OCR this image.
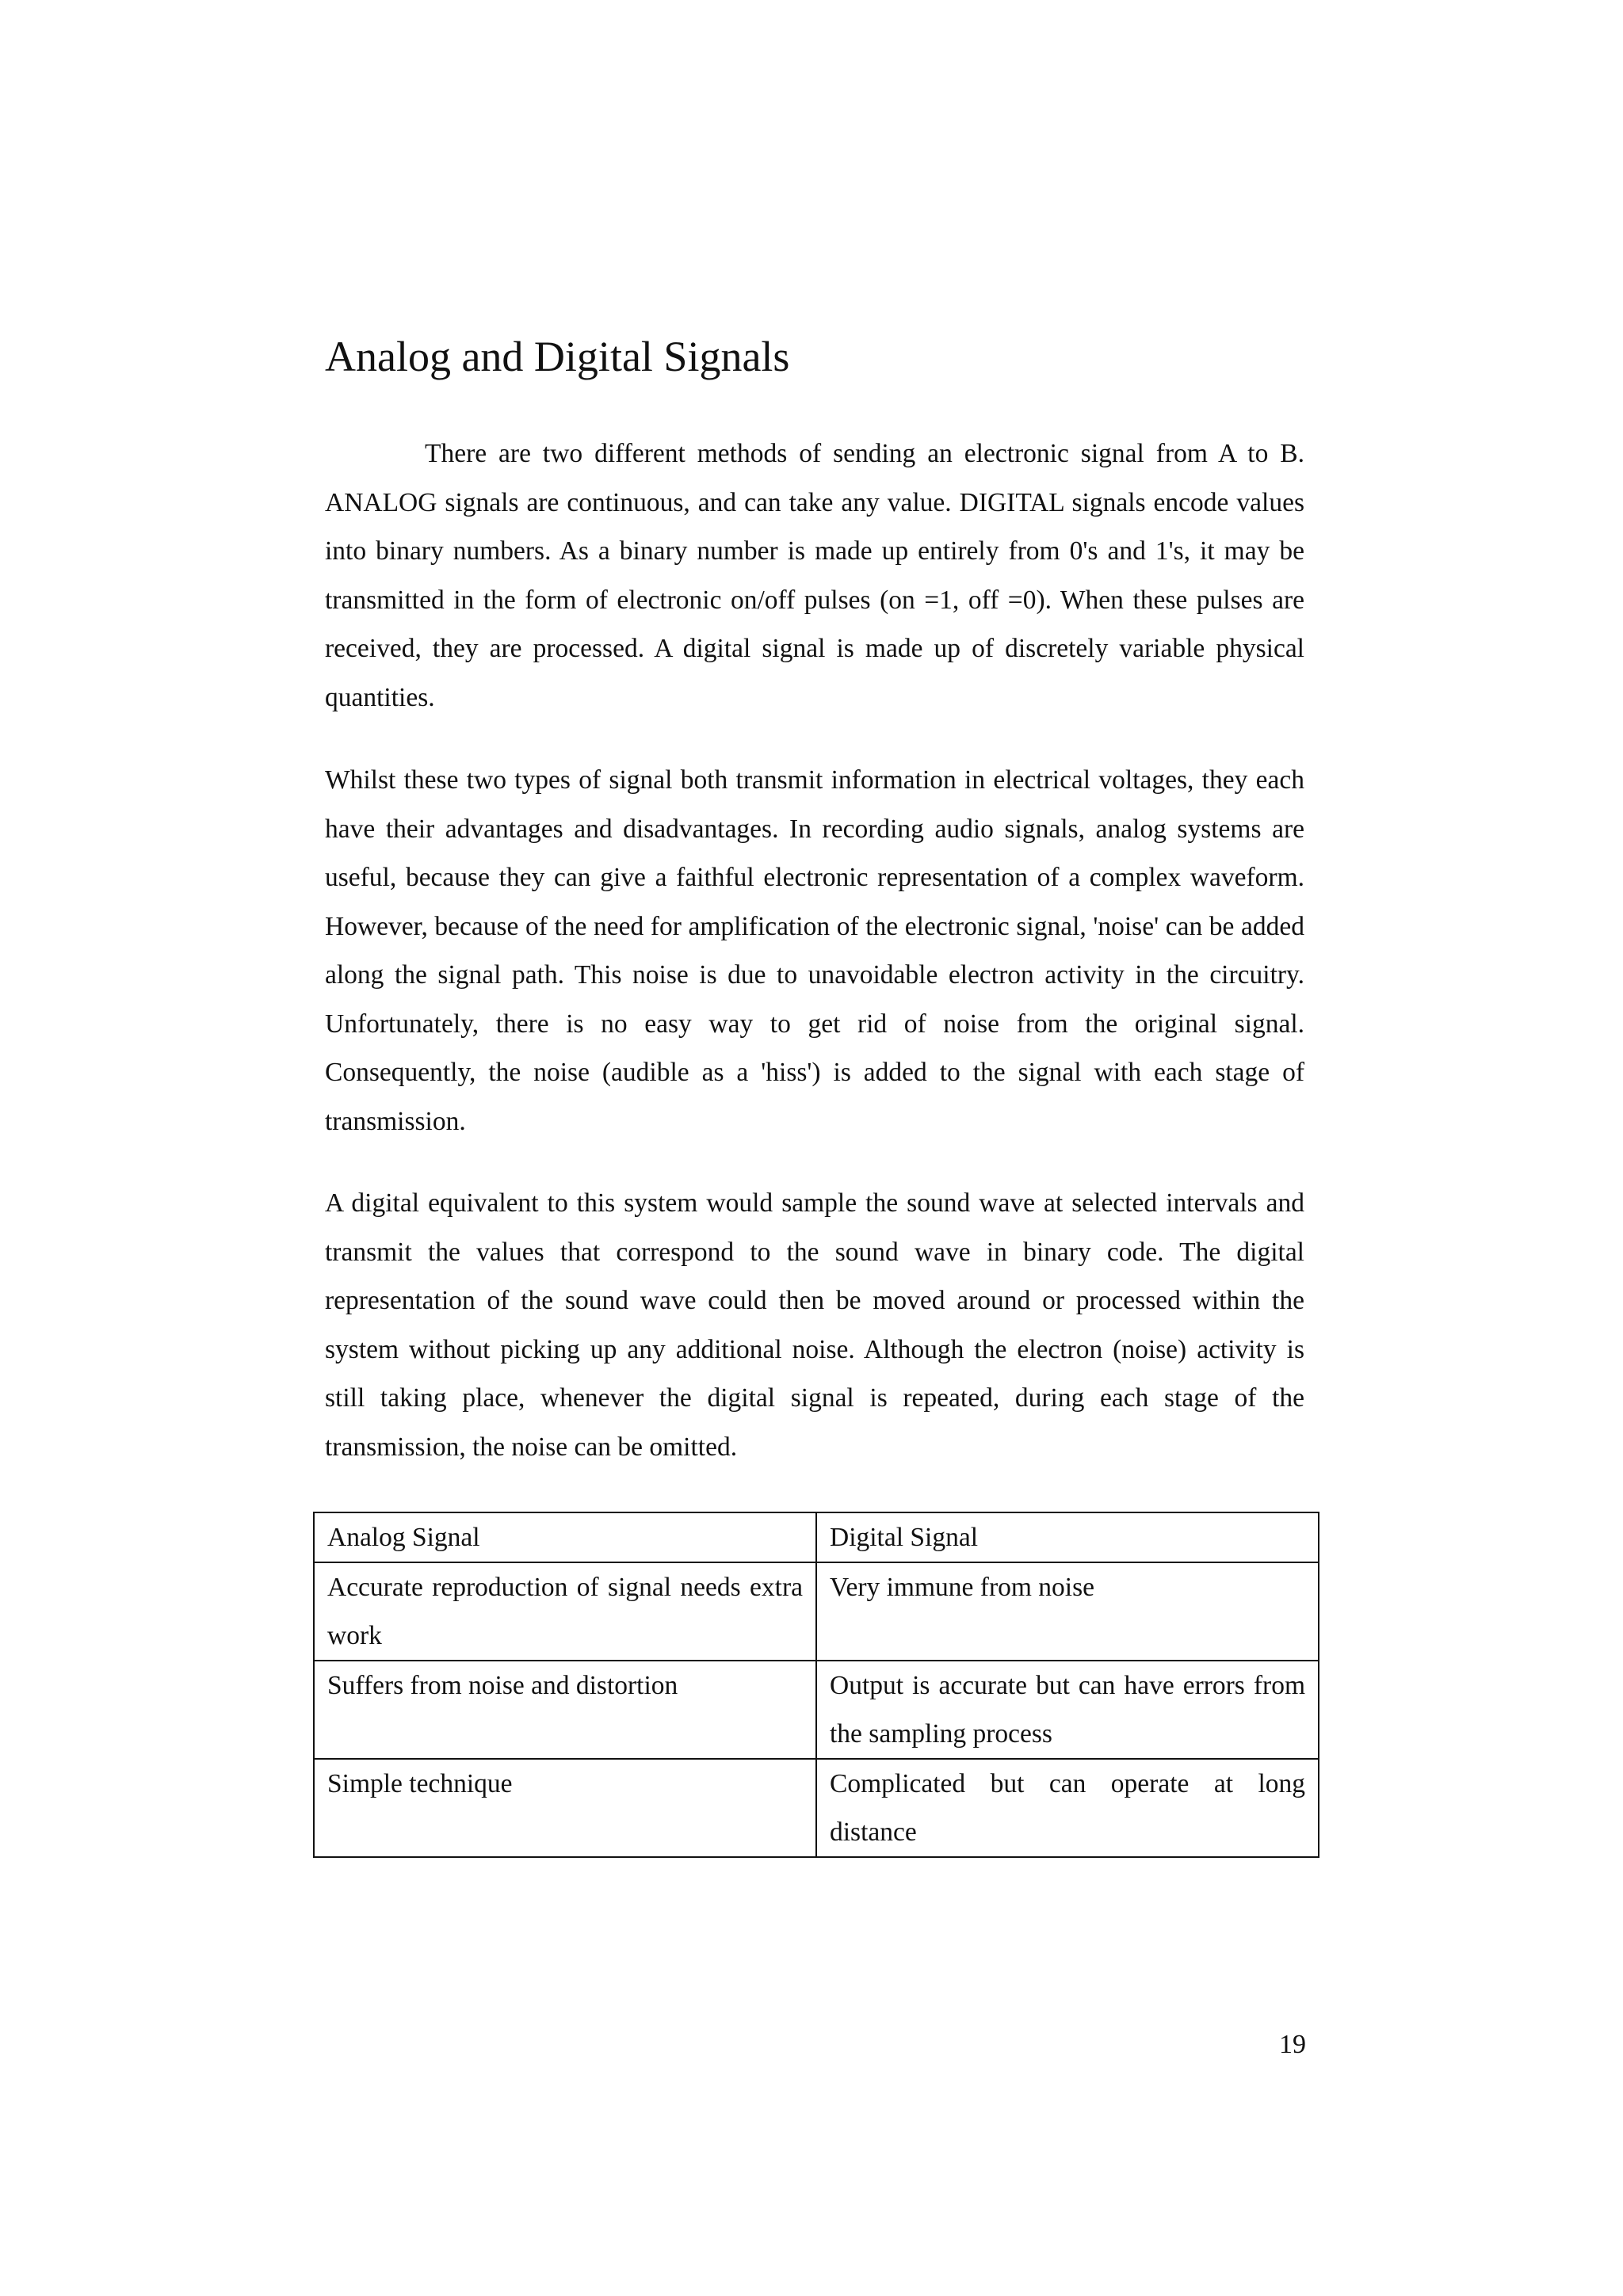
Analog and Digital Signals

There are two different methods of sending an electronic signal from A to B. ANALOG signals are continuous, and can take any value. DIGITAL signals encode values into binary numbers. As a binary number is made up entirely from 0's and 1's, it may be transmitted in the form of electronic on/off pulses (on =1, off =0). When these pulses are received, they are processed. A digital signal is made up of discretely variable physical quantities.

Whilst these two types of signal both transmit information in electrical voltages, they each have their advantages and disadvantages. In recording audio signals, analog systems are useful, because they can give a faithful electronic representation of a complex waveform. However, because of the need for amplification of the electronic signal, 'noise' can be added along the signal path. This noise is due to unavoidable electron activity in the circuitry. Unfortunately, there is no easy way to get rid of noise from the original signal. Consequently, the noise (audible as a 'hiss') is added to the signal with each stage of transmission.

A digital equivalent to this system would sample the sound wave at selected intervals and transmit the values that correspond to the sound wave in binary code. The digital representation of the sound wave could then be moved around or processed within the system without picking up any additional noise. Although the electron (noise) activity is still taking place, whenever the digital signal is repeated, during each stage of the transmission, the noise can be omitted.

Analog Signal	Digital Signal
Accurate reproduction of signal needs extra work	Very immune from noise
Suffers from noise and distortion	Output is accurate but can have errors from the sampling process
Simple technique	Complicated but can operate at long distance
19
